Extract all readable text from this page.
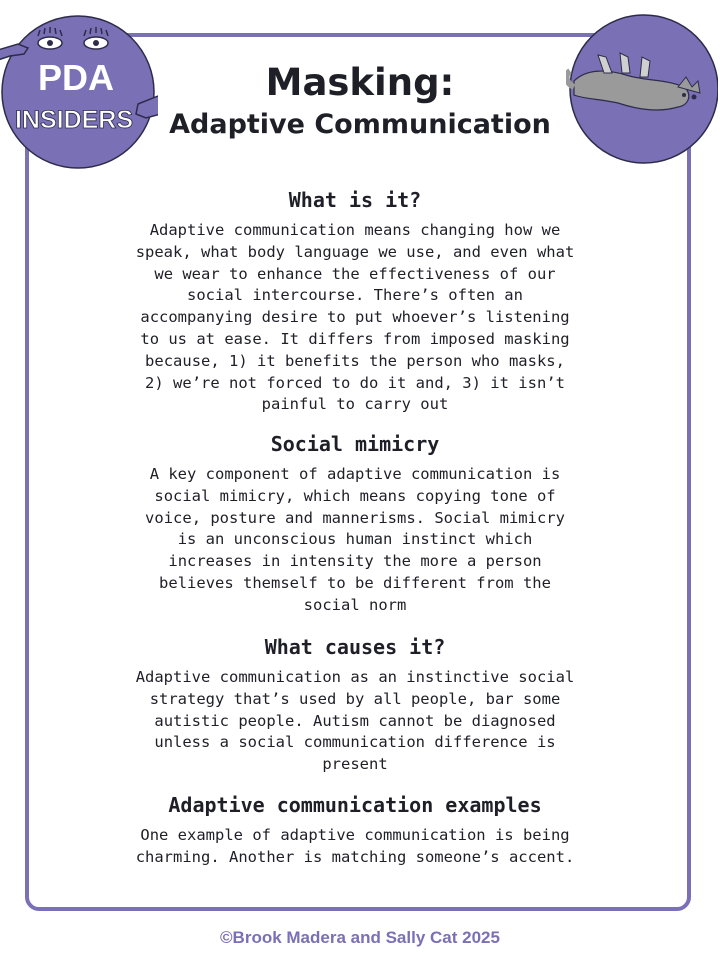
PDA
INSIDERS

Masking:

Adaptive Communication

What is it?

Adaptive communication means changing how we

speak, what body language we use, and even what

we wear to enhance the effectiveness of our

social intercourse. There’s often an

accompanying desire to put whoever’s listening

to us at ease. It differs from imposed masking

because, 1) it benefits the person who masks,

2) we’re not forced to do it and, 3) it isn’t

painful to carry out

Social mimicry

A key component of adaptive communication is

social mimicry, which means copying tone of

voice, posture and mannerisms. Social mimicry

is an unconscious human instinct which

increases in intensity the more a person

believes themself to be different from the

social norm

What causes it?

Adaptive communication as an instinctive social

strategy that’s used by all people, bar some

autistic people. Autism cannot be diagnosed

unless a social communication difference is

present

Adaptive communication examples

One example of adaptive communication is being

charming. Another is matching someone’s accent.

©Brook Madera and Sally Cat 2025
